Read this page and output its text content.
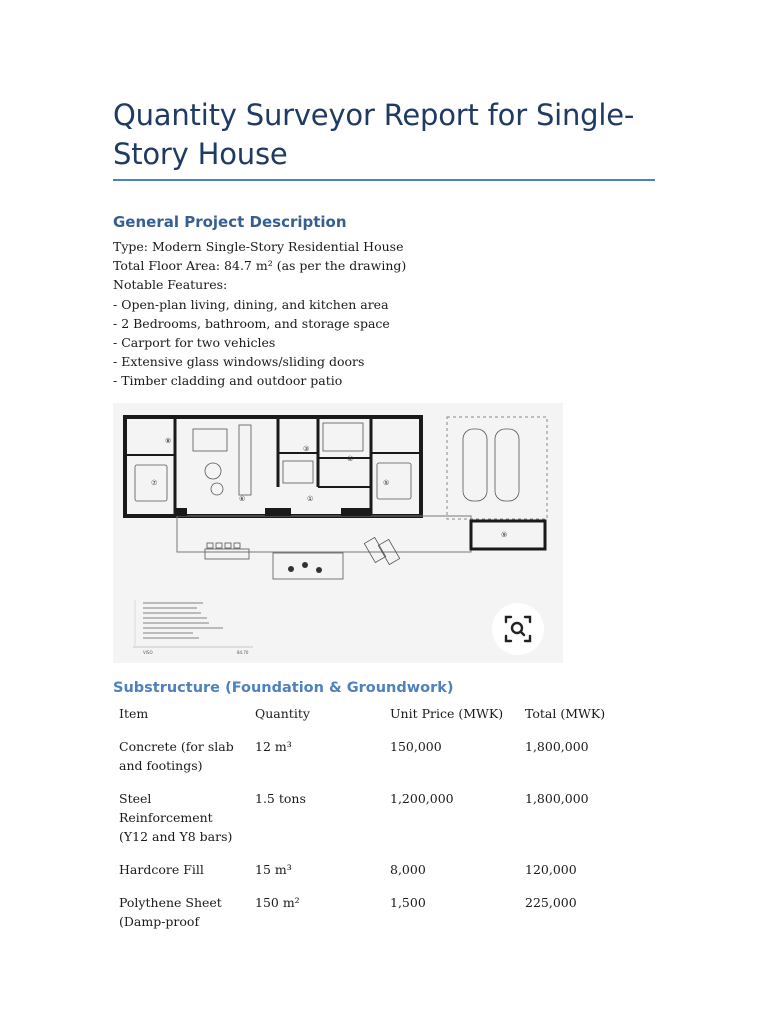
Quantity Surveyor Report for Single-Story House
General Project Description
Type: Modern Single-Story Residential House
Total Floor Area: 84.7 m² (as per the drawing)
Notable Features:
- Open-plan living, dining, and kitchen area
- 2 Bedrooms, bathroom, and storage space
- Carport for two vehicles
- Extensive glass windows/sliding doors
- Timber cladding and outdoor patio
⑧
⑦
⑥
③
④
⑤
①
⑨
VISO	84.70
Substructure (Foundation & Groundwork)
Item	Quantity	Unit Price (MWK)	Total (MWK)
Concrete (for slab and footings)	12 m³	150,000	1,800,000
Steel Reinforcement (Y12 and Y8 bars)	1.5 tons	1,200,000	1,800,000
Hardcore Fill	15 m³	8,000	120,000
Polythene Sheet (Damp-proof	150 m²	1,500	225,000
